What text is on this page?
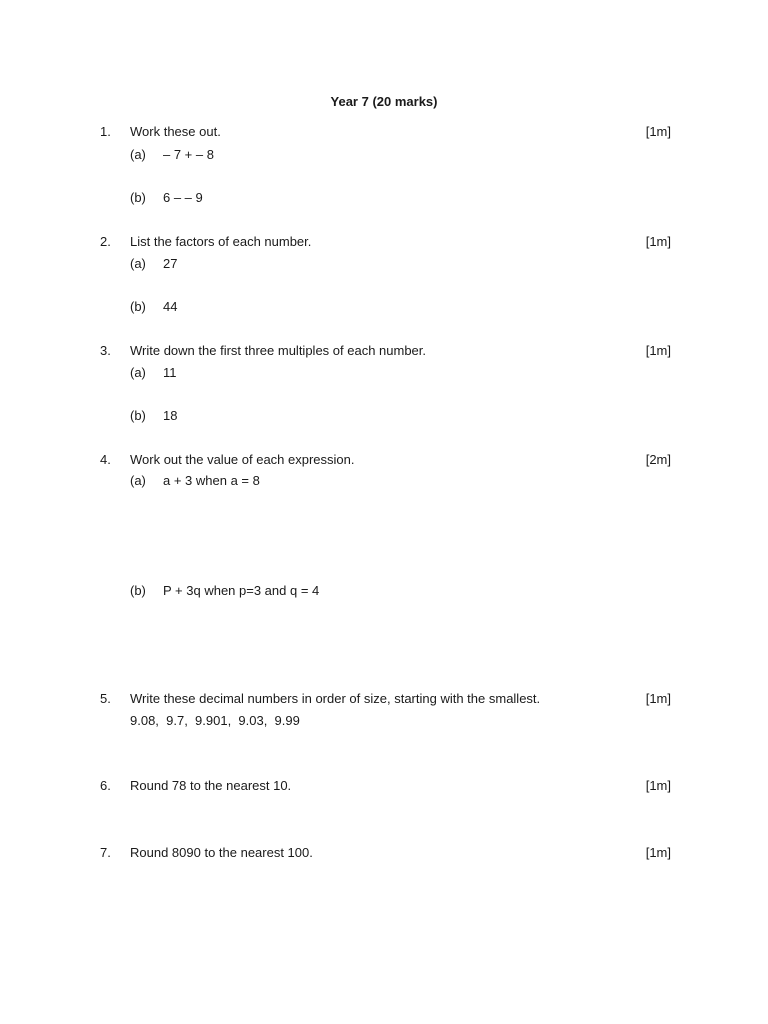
Year 7 (20 marks)
1. Work these out.	[1m]
(a) – 7 + – 8
(b) 6 – – 9
2. List the factors of each number.	[1m]
(a) 27
(b) 44
3. Write down the first three multiples of each number.	[1m]
(a) 11
(b) 18
4. Work out the value of each expression.	[2m]
(a) a + 3 when a = 8
(b) P + 3q when p=3 and q = 4
5. Write these decimal numbers in order of size, starting with the smallest.	[1m]
9.08,  9.7,  9.901,  9.03,  9.99
6. Round 78 to the nearest 10.	[1m]
7. Round 8090 to the nearest 100.	[1m]
